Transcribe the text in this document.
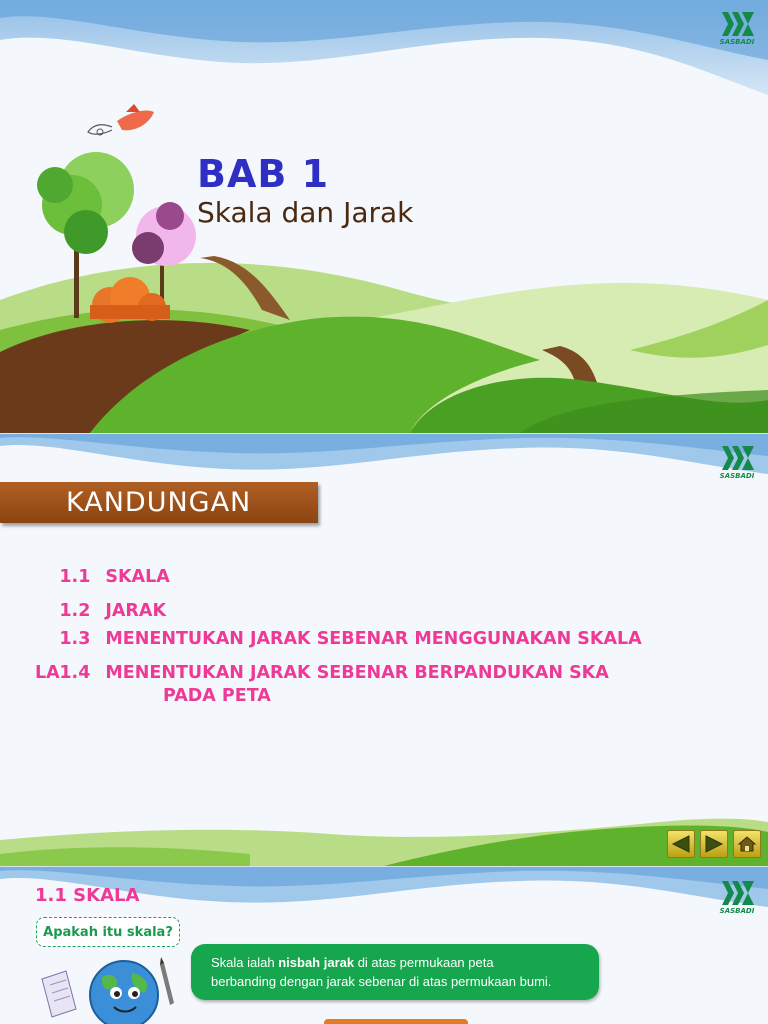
SASBADI
BAB 1
Skala dan Jarak
SASBADI
KANDUNGAN

1.1 SKALA

1.2 JARAK

1.3 MENENTUKAN JARAK SEBENAR MENGGUNAKAN SKALA

1.4 MENENTUKAN JARAK SEBENAR BERPANDUKAN SKA

LA
PADA PETA
SASBADI
1.1 SKALA
Apakah itu skala?
Skala ialah nisbah jarak di atas permukaan peta
berbanding dengan jarak sebenar di atas permukaan bumi.
